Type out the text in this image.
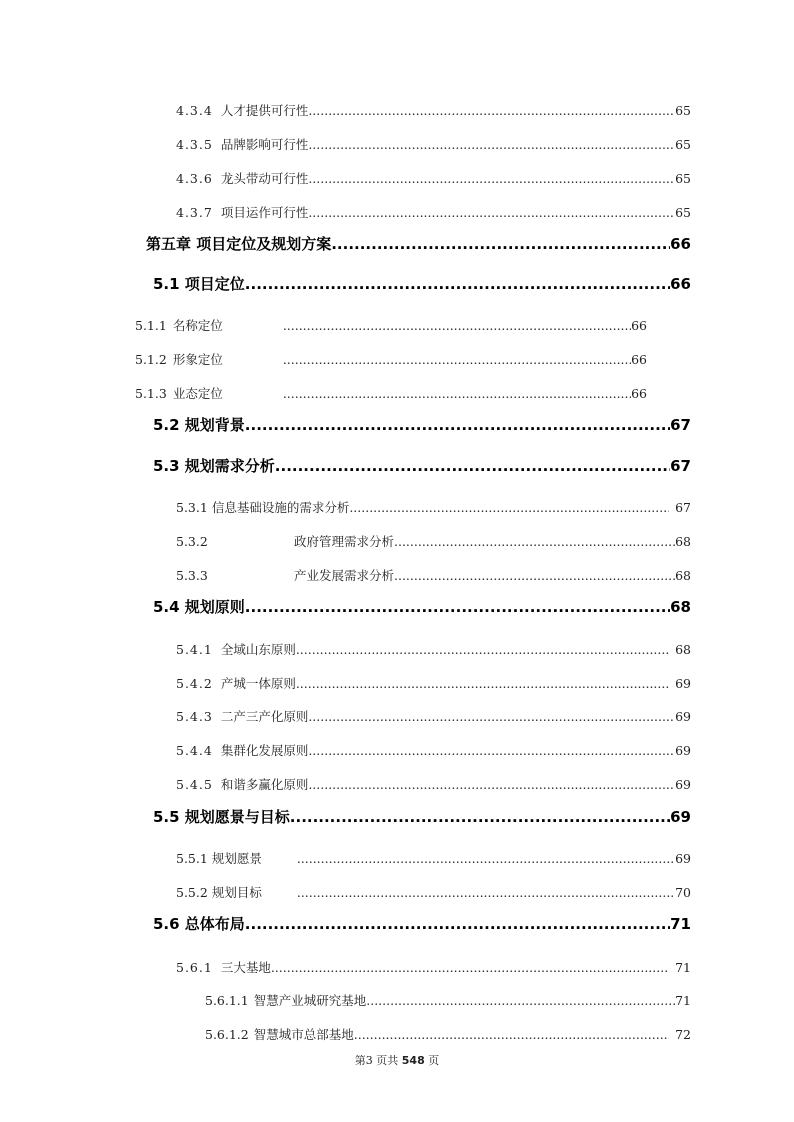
4.3.4 人才提供可行性 .....	65
4.3.5 品牌影响可行性 .....	65
4.3.6 龙头带动可行性 .....	65
4.3.7 项目运作可行性 .....	65
第五章 项目定位及规划方案 .....	66
5.1 项目定位 .....	66
5.1.1 名称定位 .....	66
5.1.2 形象定位 .....	66
5.1.3 业态定位 .....	66
5.2 规划背景 .....	67
5.3 规划需求分析 .....	67
5.3.1 信息基础设施的需求分析 .....	67
5.3.2	政府管理需求分析 .....	68
5.3.3	产业发展需求分析 .....	68
5.4 规划原则 .....	68
5.4.1 全域山东原则 .....	68
5.4.2 产城一体原则 .....	69
5.4.3 二产三产化原则 .....	69
5.4.4 集群化发展原则 .....	69
5.4.5 和谐多赢化原则 .....	69
5.5 规划愿景与目标 .....	69
5.5.1 规划愿景 .....	69
5.5.2 规划目标 .....	70
5.6 总体布局 .....	71
5.6.1 三大基地 .....	71
5.6.1.1 智慧产业城研究基地 .....	71
5.6.1.2 智慧城市总部基地 .....	72
第3 页共 548 页
